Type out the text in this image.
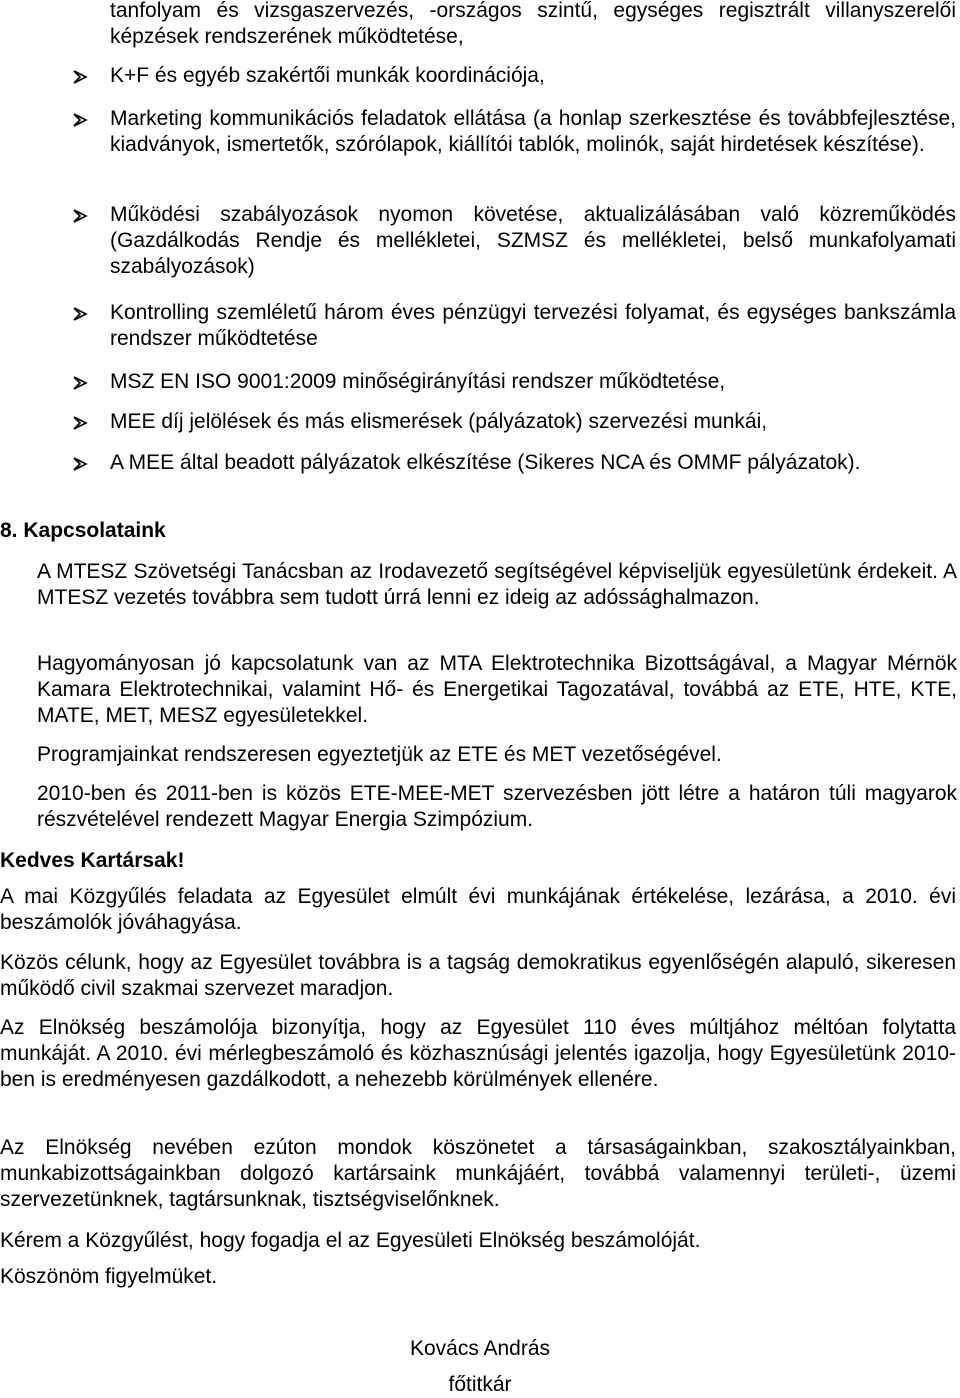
tanfolyam és vizsgaszervezés, -országos szintű, egységes regisztrált villanyszerelői képzések rendszerének működtetése,
K+F és egyéb szakértői munkák koordinációja,
Marketing kommunikációs feladatok ellátása (a honlap szerkesztése és továbbfejlesztése, kiadványok, ismertetők, szórólapok, kiállítói tablók, molinók, saját hirdetések készítése).
Működési szabályozások nyomon követése, aktualizálásában való közreműködés (Gazdálkodás Rendje és mellékletei, SZMSZ és mellékletei, belső munkafolyamati szabályozások)
Kontrolling szemléletű három éves pénzügyi tervezési folyamat, és egységes bankszámla rendszer működtetése
MSZ EN ISO 9001:2009 minőségirányítási rendszer működtetése,
MEE díj jelölések és más elismerések (pályázatok) szervezési munkái,
A MEE által beadott pályázatok elkészítése (Sikeres NCA és OMMF pályázatok).
8. Kapcsolataink
A MTESZ Szövetségi Tanácsban az Irodavezető segítségével képviseljük egyesületünk érdekeit. A MTESZ vezetés továbbra sem tudott úrrá lenni ez ideig az adóssághalmazon.
Hagyományosan jó kapcsolatunk van az MTA Elektrotechnika Bizottságával, a Magyar Mérnök Kamara Elektrotechnikai, valamint Hő- és Energetikai Tagozatával, továbbá az ETE, HTE, KTE, MATE, MET, MESZ egyesületekkel.
Programjainkat rendszeresen egyeztetjük az ETE és MET vezetőségével.
2010-ben és 2011-ben is közös ETE-MEE-MET szervezésben jött létre a határon túli magyarok részvételével rendezett Magyar Energia Szimpózium.
Kedves Kartársak!
A mai Közgyűlés feladata az Egyesület elmúlt évi munkájának értékelése, lezárása, a 2010. évi beszámolók jóváhagyása.
Közös célunk, hogy az Egyesület továbbra is a tagság demokratikus egyenlőségén alapuló, sikeresen működő civil szakmai szervezet maradjon.
Az Elnökség beszámolója bizonyítja, hogy az Egyesület 110 éves múltjához méltóan folytatta munkáját. A 2010. évi mérlegbeszámoló és közhasznúsági jelentés igazolja, hogy Egyesületünk 2010-ben is eredményesen gazdálkodott, a nehezebb körülmények ellenére.
Az Elnökség nevében ezúton mondok köszönetet a társaságainkban, szakosztályainkban, munkabizottságainkban dolgozó kartársaink munkájáért, továbbá valamennyi területi-, üzemi szervezetünknek, tagtársunknak, tisztségviselőnknek.
Kérem a Közgyűlést, hogy fogadja el az Egyesületi Elnökség beszámolóját.
Köszönöm figyelmüket.
Kovács András
főtitkár
